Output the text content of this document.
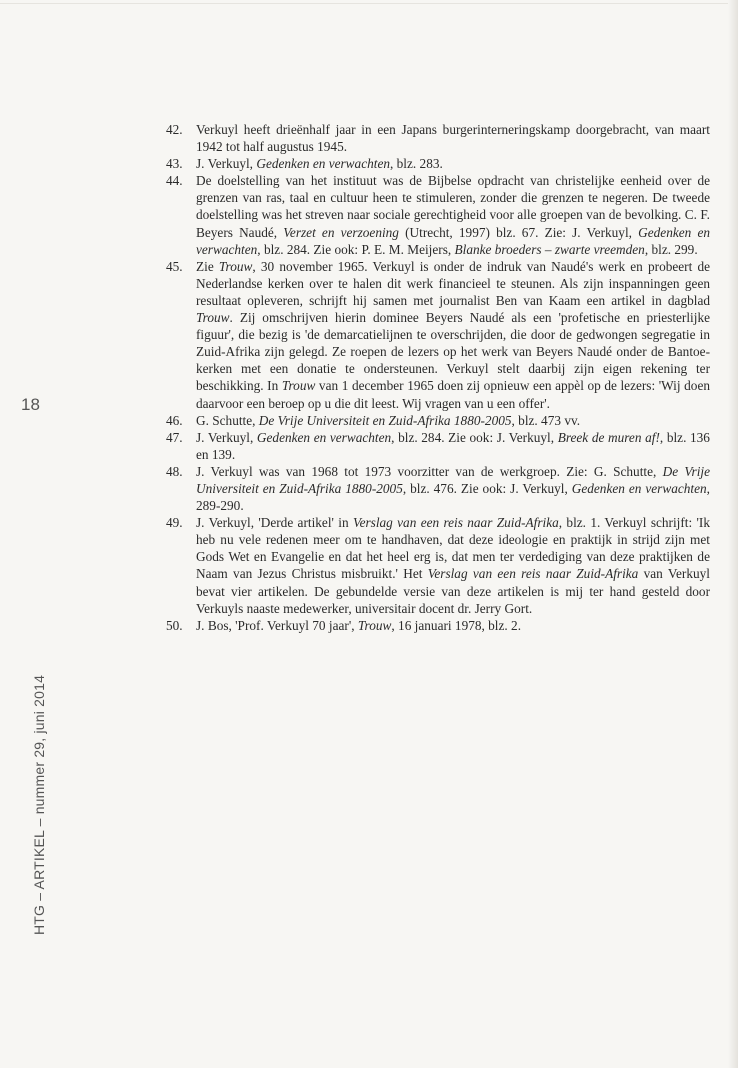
18
HTG – ARTIKEL – nummer 29, juni 2014
42.	Verkuyl heeft drieënhalf jaar in een Japans burgerinterneringskamp doorgebracht, van maart 1942 tot half augustus 1945.
43.	J. Verkuyl, Gedenken en verwachten, blz. 283.
44.	De doelstelling van het instituut was de Bijbelse opdracht van christelijke eenheid over de grenzen van ras, taal en cultuur heen te stimuleren, zonder die grenzen te negeren. De tweede doelstelling was het streven naar sociale gerechtigheid voor alle groepen van de bevolking. C. F. Beyers Naudé, Verzet en verzoening (Utrecht, 1997) blz. 67. Zie: J. Verkuyl, Gedenken en verwachten, blz. 284. Zie ook: P. E. M. Meijers, Blanke broeders – zwarte vreemden, blz. 299.
45.	Zie Trouw, 30 november 1965. Verkuyl is onder de indruk van Naudé's werk en probeert de Nederlandse kerken over te halen dit werk financieel te steunen. Als zijn inspanningen geen resultaat opleveren, schrijft hij samen met journalist Ben van Kaam een artikel in dagblad Trouw. Zij omschrijven hierin dominee Beyers Naudé als een 'profetische en priesterlijke figuur', die bezig is 'de demarcatielijnen te overschrijden, die door de gedwongen segregatie in Zuid-Afrika zijn gelegd. Ze roepen de lezers op het werk van Beyers Naudé onder de Bantoe-kerken met een donatie te ondersteunen. Verkuyl stelt daarbij zijn eigen rekening ter beschikking. In Trouw van 1 december 1965 doen zij opnieuw een appèl op de lezers: 'Wij doen daarvoor een beroep op u die dit leest. Wij vragen van u een offer'.
46.	G. Schutte, De Vrije Universiteit en Zuid-Afrika 1880-2005, blz. 473 vv.
47.	J. Verkuyl, Gedenken en verwachten, blz. 284. Zie ook: J. Verkuyl, Breek de muren af!, blz. 136 en 139.
48.	J. Verkuyl was van 1968 tot 1973 voorzitter van de werkgroep. Zie: G. Schutte, De Vrije Universiteit en Zuid-Afrika 1880-2005, blz. 476. Zie ook: J. Verkuyl, Gedenken en verwachten, 289-290.
49.	J. Verkuyl, 'Derde artikel' in Verslag van een reis naar Zuid-Afrika, blz. 1. Verkuyl schrijft: 'Ik heb nu vele redenen meer om te handhaven, dat deze ideologie en praktijk in strijd zijn met Gods Wet en Evangelie en dat het heel erg is, dat men ter verdediging van deze praktijken de Naam van Jezus Christus misbruikt.' Het Verslag van een reis naar Zuid-Afrika van Verkuyl bevat vier artikelen. De gebundelde versie van deze artikelen is mij ter hand gesteld door Verkuyls naaste medewerker, universitair docent dr. Jerry Gort.
50.	J. Bos, 'Prof. Verkuyl 70 jaar', Trouw, 16 januari 1978, blz. 2.
